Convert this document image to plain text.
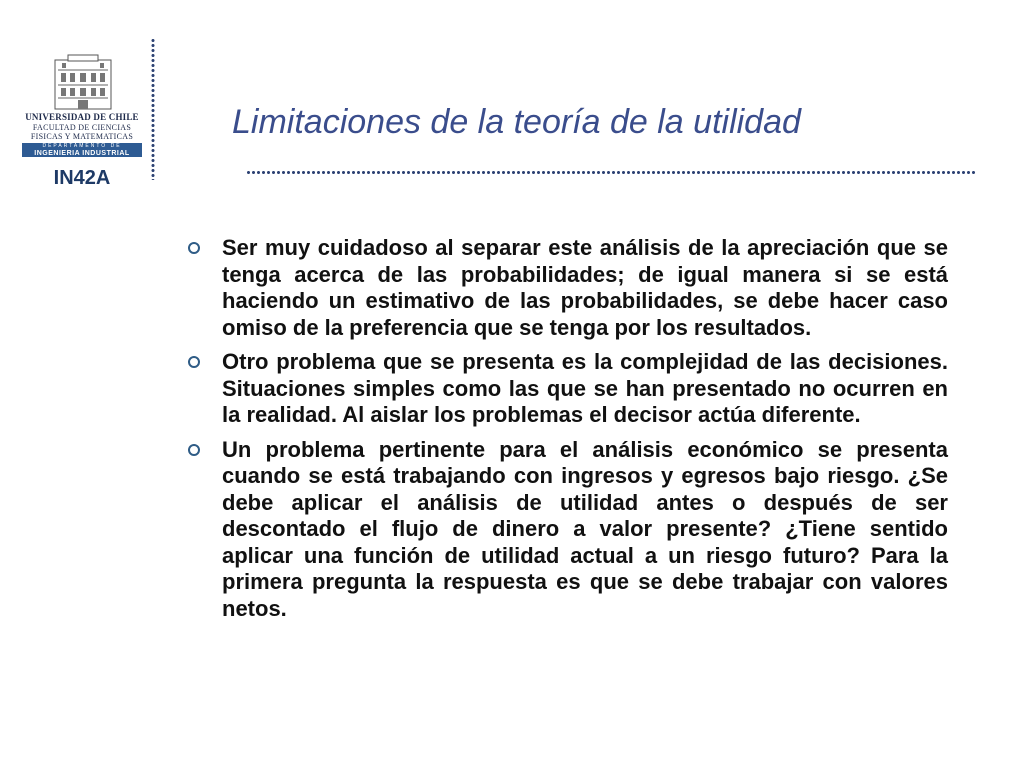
UNIVERSIDAD DE CHILE
FACULTAD DE CIENCIAS
FISICAS Y MATEMATICAS
DEPARTAMENTO DE
INGENIERIA INDUSTRIAL
IN42A
Limitaciones de la teoría de la utilidad
Ser muy cuidadoso al separar este análisis de la apreciación que se tenga acerca de las probabilidades; de igual manera si se está haciendo un estimativo de las probabilidades, se debe hacer caso omiso de la preferencia que se tenga por los resultados.
Otro problema que se presenta es la complejidad de las decisiones. Situaciones simples como las que se han presentado no ocurren en la realidad. Al aislar los problemas el decisor actúa diferente.
Un problema pertinente para el análisis económico se presenta cuando se está trabajando con ingresos y egresos bajo riesgo. ¿Se debe aplicar el análisis de utilidad antes o después de ser descontado el flujo de dinero a valor presente? ¿Tiene sentido aplicar una función de utilidad actual a un riesgo futuro? Para la primera pregunta la respuesta es que se debe trabajar con valores netos.
